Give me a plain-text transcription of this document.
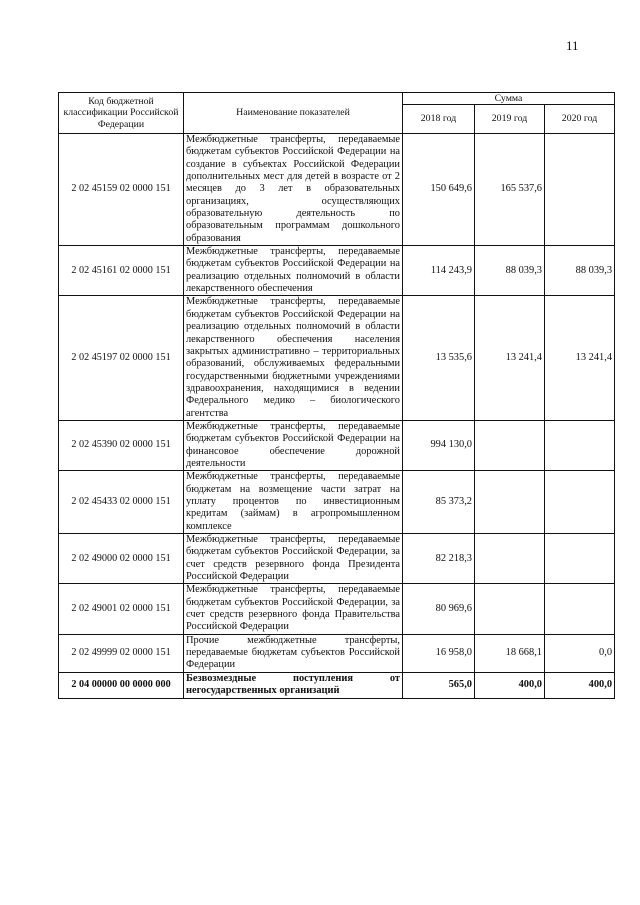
11
Код бюджетной классификации Российской Федерации	Наименование показателей	Сумма		
		2018 год	2019 год	2020 год
2 02 45159 02 0000 151	Межбюджетные трансферты, передаваемые бюджетам субъектов Российской Федерации на создание в субъектах Российской Федерации дополнительных мест для детей в возрасте от 2 месяцев до 3 лет в образовательных организациях, осуществляющих образовательную деятельность по образовательным программам дошкольного образования	150 649,6	165 537,6	
2 02 45161 02 0000 151	Межбюджетные трансферты, передаваемые бюджетам субъектов Российской Федерации на реализацию отдельных полномочий в области лекарственного обеспечения	114 243,9	88 039,3	88 039,3
2 02 45197 02 0000 151	Межбюджетные трансферты, передаваемые бюджетам субъектов Российской Федерации на реализацию отдельных полномочий в области лекарственного обеспечения населения закрытых административно – территориальных образований, обслуживаемых федеральными государственными бюджетными учреждениями здравоохранения, находящимися в ведении Федерального медико – биологического агентства	13 535,6	13 241,4	13 241,4
2 02 45390 02 0000 151	Межбюджетные трансферты, передаваемые бюджетам субъектов Российской Федерации на финансовое обеспечение дорожной деятельности	994 130,0		
2 02 45433 02 0000 151	Межбюджетные трансферты, передаваемые бюджетам на возмещение части затрат на уплату процентов по инвестиционным кредитам (займам) в агропромышленном комплексе	85 373,2		
2 02 49000 02 0000 151	Межбюджетные трансферты, передаваемые бюджетам субъектов Российской Федерации, за счет средств резервного фонда Президента Российской Федерации	82 218,3		
2 02 49001 02 0000 151	Межбюджетные трансферты, передаваемые бюджетам субъектов Российской Федерации, за счет средств резервного фонда Правительства Российской Федерации	80 969,6		
2 02 49999 02 0000 151	Прочие межбюджетные трансферты, передаваемые бюджетам субъектов Российской Федерации	16 958,0	18 668,1	0,0
2 04 00000 00 0000 000	Безвозмездные поступления от негосударственных организаций	565,0	400,0	400,0
